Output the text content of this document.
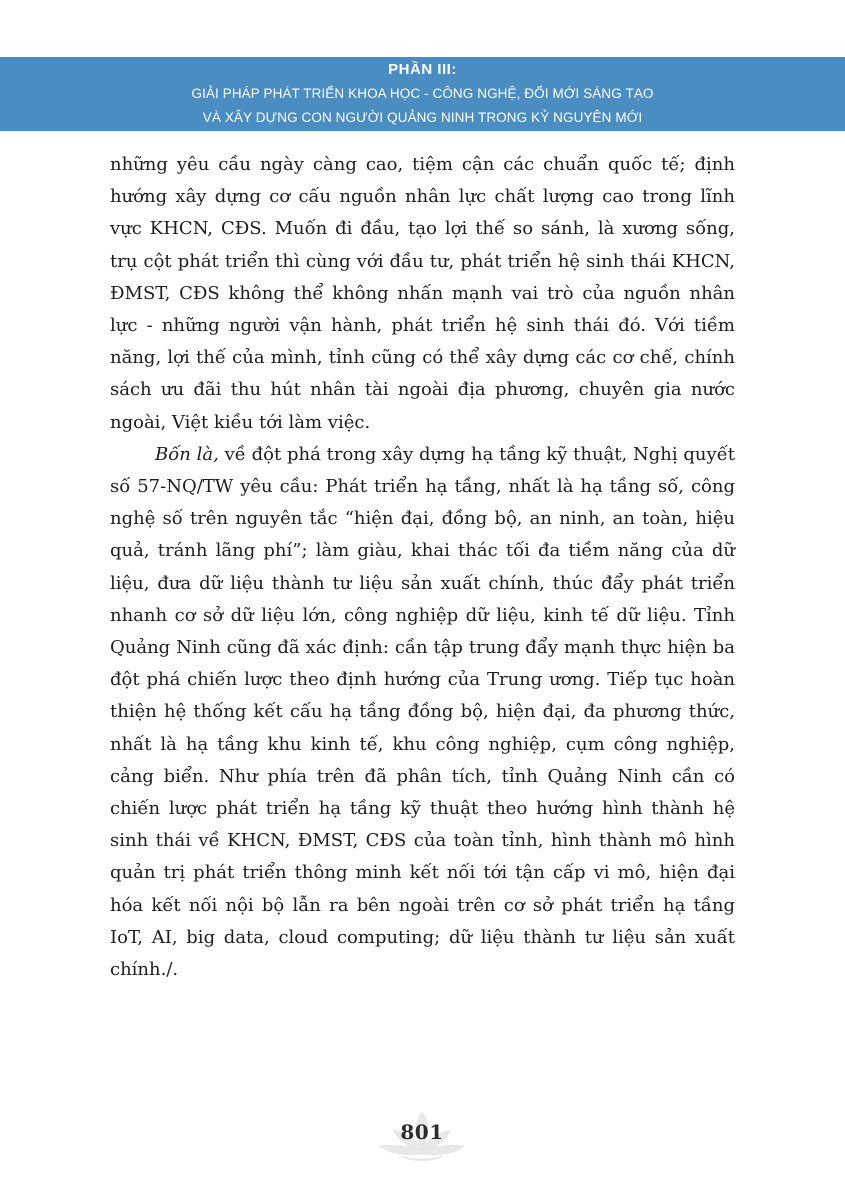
PHẦN III:
GIẢI PHÁP PHÁT TRIỂN KHOA HỌC - CÔNG NGHỆ, ĐỔI MỚI SÁNG TẠO
VÀ XÂY DỰNG CON NGƯỜI QUẢNG NINH TRONG KỶ NGUYÊN MỚI

những yêu cầu ngày càng cao, tiệm cận các chuẩn quốc tế; định hướng xây dựng cơ cấu nguồn nhân lực chất lượng cao trong lĩnh vực KHCN, CĐS. Muốn đi đầu, tạo lợi thế so sánh, là xương sống, trụ cột phát triển thì cùng với đầu tư, phát triển hệ sinh thái KHCN, ĐMST, CĐS không thể không nhấn mạnh vai trò của nguồn nhân lực - những người vận hành, phát triển hệ sinh thái đó. Với tiềm năng, lợi thế của mình, tỉnh cũng có thể xây dựng các cơ chế, chính sách ưu đãi thu hút nhân tài ngoài địa phương, chuyên gia nước ngoài, Việt kiều tới làm việc.

Bốn là, về đột phá trong xây dựng hạ tầng kỹ thuật, Nghị quyết số 57-NQ/TW yêu cầu: Phát triển hạ tầng, nhất là hạ tầng số, công nghệ số trên nguyên tắc “hiện đại, đồng bộ, an ninh, an toàn, hiệu quả, tránh lãng phí”; làm giàu, khai thác tối đa tiềm năng của dữ liệu, đưa dữ liệu thành tư liệu sản xuất chính, thúc đẩy phát triển nhanh cơ sở dữ liệu lớn, công nghiệp dữ liệu, kinh tế dữ liệu. Tỉnh Quảng Ninh cũng đã xác định: cần tập trung đẩy mạnh thực hiện ba đột phá chiến lược theo định hướng của Trung ương. Tiếp tục hoàn thiện hệ thống kết cấu hạ tầng đồng bộ, hiện đại, đa phương thức, nhất là hạ tầng khu kinh tế, khu công nghiệp, cụm công nghiệp, cảng biển. Như phía trên đã phân tích, tỉnh Quảng Ninh cần có chiến lược phát triển hạ tầng kỹ thuật theo hướng hình thành hệ sinh thái về KHCN, ĐMST, CĐS của toàn tỉnh, hình thành mô hình quản trị phát triển thông minh kết nối tới tận cấp vi mô, hiện đại hóa kết nối nội bộ lẫn ra bên ngoài trên cơ sở phát triển hạ tầng IoT, AI, big data, cloud computing; dữ liệu thành tư liệu sản xuất chính./.

801
